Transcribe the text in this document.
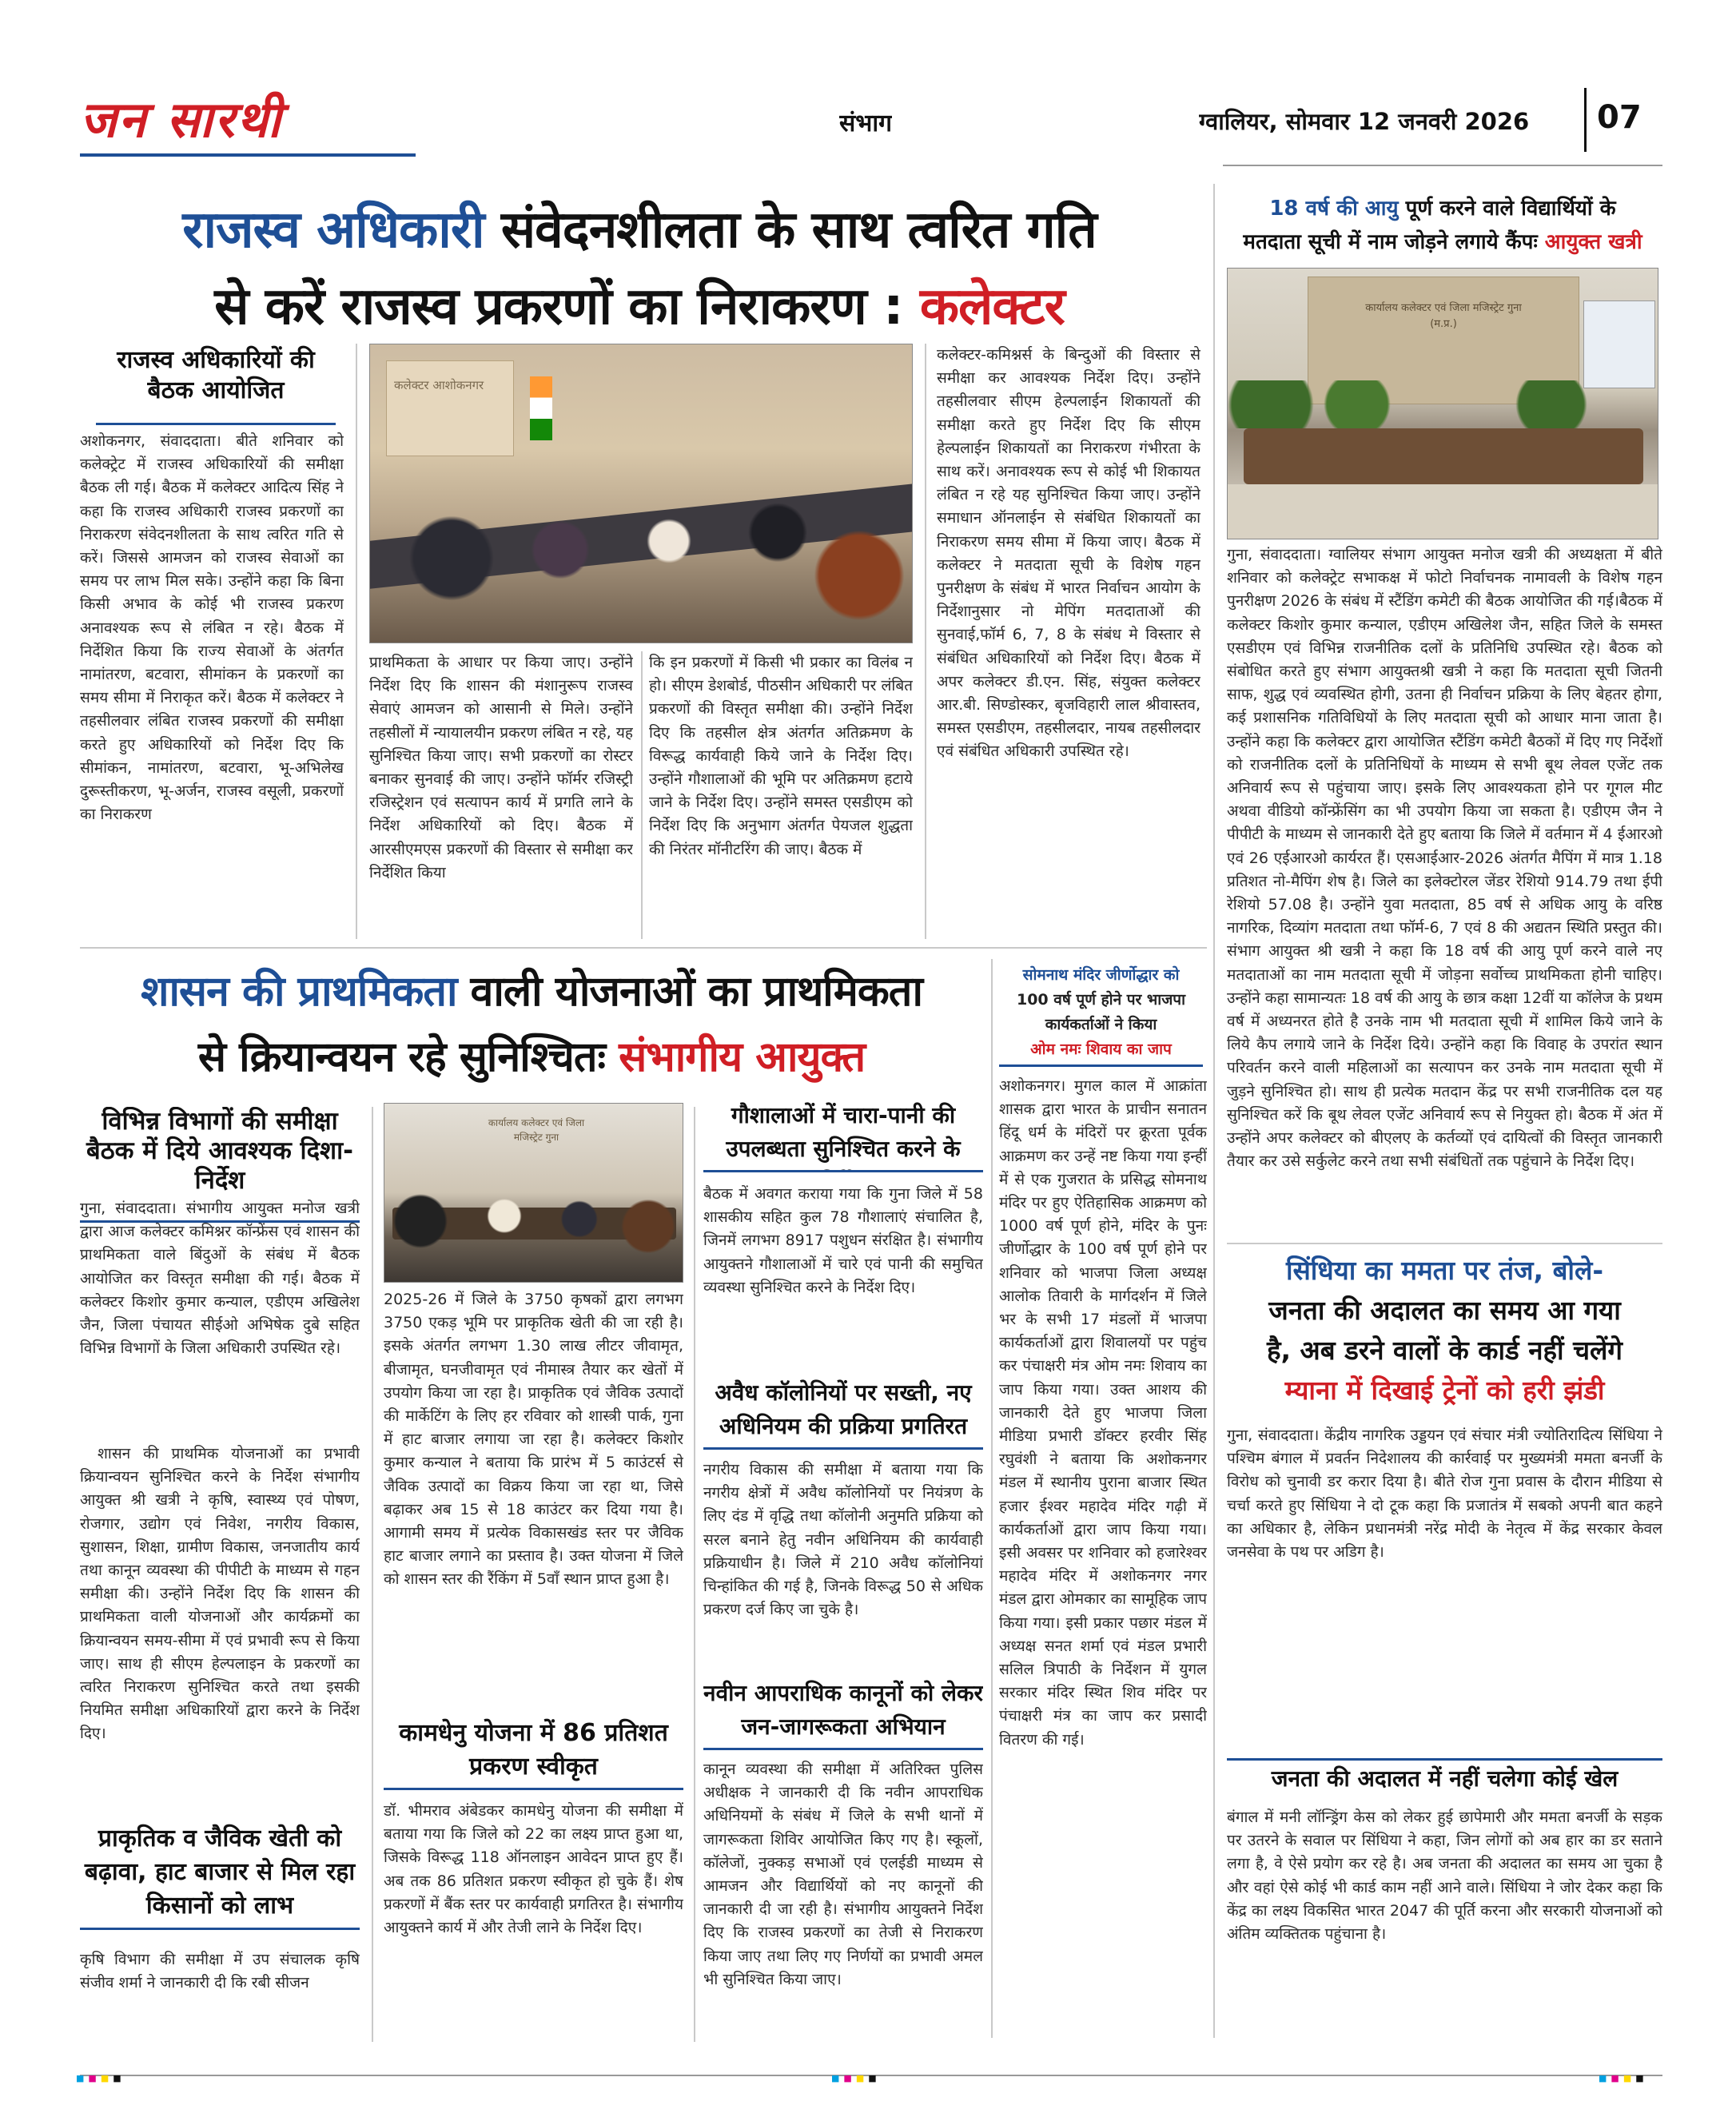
जन सारथी	संभाग	ग्वालियर, सोमवार 12 जनवरी 2026 07
राजस्व अधिकारी संवेदनशीलता के साथ त्वरित गति
से करें राजस्व प्रकरणों का निराकरण : कलेक्टर
राजस्व अधिकारियों की बैठक आयोजित
अशोकनगर, संवाददाता। बीते शनिवार को कलेक्ट्रेट में राजस्व अधिकारियों की समीक्षा बैठक ली गई। बैठक में कलेक्टर आदित्य सिंह ने कहा कि राजस्व अधिकारी राजस्व प्रकरणों का निराकरण संवेदनशीलता के साथ त्वरित गति से करें। जिससे आमजन को राजस्व सेवाओं का समय पर लाभ मिल सके। उन्होंने कहा कि बिना किसी अभाव के कोई भी राजस्व प्रकरण अनावश्यक रूप से लंबित न रहे। बैठक में निर्देशित किया कि राज्य सेवाओं के अंतर्गत नामांतरण, बटवारा, सीमांकन के प्रकरणों का समय सीमा में निराकृत करें। बैठक में कलेक्टर ने तहसीलवार लंबित राजस्व प्रकरणों की समीक्षा करते हुए अधिकारियों को निर्देश दिए कि सीमांकन, नामांतरण, बटवारा, भू-अभिलेख दुरूस्तीकरण, भू-अर्जन, राजस्व वसूली, प्रकरणों का निराकरण
कलेक्टर आशोकनगर
प्राथमिकता के आधार पर किया जाए। उन्होंने निर्देश दिए कि शासन की मंशानुरूप राजस्व सेवाएं आमजन को आसानी से मिले। उन्होंने तहसीलों में न्यायालयीन प्रकरण लंबित न रहे, यह सुनिश्चित किया जाए। सभी प्रकरणों का रोस्टर बनाकर सुनवाई की जाए। उन्होंने फॉर्मर रजिस्ट्री रजिस्ट्रेशन एवं सत्यापन कार्य में प्रगति लाने के निर्देश अधिकारियों को दिए। बैठक में आरसीएमएस प्रकरणों की विस्तार से समीक्षा कर निर्देशित किया
कि इन प्रकरणों में किसी भी प्रकार का विलंब न हो। सीएम डेशबोर्ड, पीठसीन अधिकारी पर लंबित प्रकरणों की विस्तृत समीक्षा की। उन्होंने निर्देश दिए कि तहसील क्षेत्र अंतर्गत अतिक्रमण के विरूद्ध कार्यवाही किये जाने के निर्देश दिए। उन्होंने गौशालाओं की भूमि पर अतिक्रमण हटाये जाने के निर्देश दिए। उन्होंने समस्त एसडीएम को निर्देश दिए कि अनुभाग अंतर्गत पेयजल शुद्धता की निरंतर मॉनीटरिंग की जाए। बैठक में
कलेक्टर-कमिश्नर्स के बिन्दुओं की विस्तार से समीक्षा कर आवश्यक निर्देश दिए। उन्होंने तहसीलवार सीएम हेल्पलाईन शिकायतों की समीक्षा करते हुए निर्देश दिए कि सीएम हेल्पलाईन शिकायतों का निराकरण गंभीरता के साथ करें। अनावश्यक रूप से कोई भी शिकायत लंबित न रहे यह सुनिश्चित किया जाए। उन्होंने समाधान ऑनलाईन से संबंधित शिकायतों का निराकरण समय सीमा में किया जाए। बैठक में कलेक्टर ने मतदाता सूची के विशेष गहन पुनरीक्षण के संबंध में भारत निर्वाचन आयोग के निर्देशानुसार नो मेपिंग मतदाताओं की सुनवाई,फॉर्म 6, 7, 8 के संबंध मे विस्तार से संबंधित अधिकारियों को निर्देश दिए। बैठक में अपर कलेक्टर डी.एन. सिंह, संयुक्त कलेक्टर आर.बी. सिण्डोस्कर, बृजविहारी लाल श्रीवास्तव, समस्त एसडीएम, तहसीलदार, नायब तहसीलदार एवं संबंधित अधिकारी उपस्थित रहे।
18 वर्ष की आयु पूर्ण करने वाले विद्यार्थियों के
मतदाता सूची में नाम जोड़ने लगाये कैंपः आयुक्त खत्री
कार्यालय कलेक्टर एवं जिला मजिस्ट्रेट गुना (म.प्र.)
गुना, संवाददाता। ग्वालियर संभाग आयुक्त मनोज खत्री की अध्यक्षता में बीते शनिवार को कलेक्ट्रेट सभाकक्ष में फोटो निर्वाचनक नामावली के विशेष गहन पुनरीक्षण 2026 के संबंध में स्टैंडिंग कमेटी की बैठक आयोजित की गई।बैठक में कलेक्टर किशोर कुमार कन्याल, एडीएम अखिलेश जैन, सहित जिले के समस्त एसडीएम एवं विभिन्न राजनीतिक दलों के प्रतिनिधि उपस्थित रहे। बैठक को संबोधित करते हुए संभाग आयुक्तश्री खत्री ने कहा कि मतदाता सूची जितनी साफ, शुद्ध एवं व्यवस्थित होगी, उतना ही निर्वाचन प्रक्रिया के लिए बेहतर होगा, कई प्रशासनिक गतिविधियों के लिए मतदाता सूची को आधार माना जाता है। उन्होंने कहा कि कलेक्टर द्वारा आयोजित स्टैंडिंग कमेटी बैठकों में दिए गए निर्देशों को राजनीतिक दलों के प्रतिनिधियों के माध्यम से सभी बूथ लेवल एजेंट तक अनिवार्य रूप से पहुंचाया जाए। इसके लिए आवश्यकता होने पर गूगल मीट अथवा वीडियो कॉन्फ्रेंसिंग का भी उपयोग किया जा सकता है। एडीएम जैन ने पीपीटी के माध्यम से जानकारी देते हुए बताया कि जिले में वर्तमान में 4 ईआरओ एवं 26 एईआरओ कार्यरत हैं। एसआईआर-2026 अंतर्गत मैपिंग में मात्र 1.18 प्रतिशत नो-मैपिंग शेष है। जिले का इलेक्टोरल जेंडर रेशियो 914.79 तथा ईपी रेशियो 57.08 है। उन्होंने युवा मतदाता, 85 वर्ष से अधिक आयु के वरिष्ठ नागरिक, दिव्यांग मतदाता तथा फॉर्म-6, 7 एवं 8 की अद्यतन स्थिति प्रस्तुत की। संभाग आयुक्त श्री खत्री ने कहा कि 18 वर्ष की आयु पूर्ण करने वाले नए मतदाताओं का नाम मतदाता सूची में जोड़ना सर्वोच्च प्राथमिकता होनी चाहिए। उन्होंने कहा सामान्यतः 18 वर्ष की आयु के छात्र कक्षा 12वीं या कॉलेज के प्रथम वर्ष में अध्यनरत होते है उनके नाम भी मतदाता सूची में शामिल किये जाने के लिये कैप लगाये जाने के निर्देश दिये। उन्होंने कहा कि विवाह के उपरांत स्थान परिवर्तन करने वाली महिलाओं का सत्यापन कर उनके नाम मतदाता सूची में जुड़ने सुनिश्चित हो। साथ ही प्रत्येक मतदान केंद्र पर सभी राजनीतिक दल यह सुनिश्चित करें कि बूथ लेवल एजेंट अनिवार्य रूप से नियुक्त हो। बैठक में अंत में उन्होंने अपर कलेक्टर को बीएलए के कर्तव्यों एवं दायित्वों की विस्तृत जानकारी तैयार कर उसे सर्कुलेट करने तथा सभी संबंधितों तक पहुंचाने के निर्देश दिए।
सिंधिया का ममता पर तंज, बोले-
जनता की अदालत का समय आ गया
है, अब डरने वालों के कार्ड नहीं चलेंगे
म्याना में दिखाई ट्रेनों को हरी झंडी
गुना, संवाददाता। केंद्रीय नागरिक उड्डयन एवं संचार मंत्री ज्योतिरादित्य सिंधिया ने पश्चिम बंगाल में प्रवर्तन निदेशालय की कार्रवाई पर मुख्यमंत्री ममता बनर्जी के विरोध को चुनावी डर करार दिया है। बीते रोज गुना प्रवास के दौरान मीडिया से चर्चा करते हुए सिंधिया ने दो टूक कहा कि प्रजातंत्र में सबको अपनी बात कहने का अधिकार है, लेकिन प्रधानमंत्री नरेंद्र मोदी के नेतृत्व में केंद्र सरकार केवल जनसेवा के पथ पर अडिग है।
जनता की अदालत में नहीं चलेगा कोई खेल
बंगाल में मनी लॉन्ड्रिंग केस को लेकर हुई छापेमारी और ममता बनर्जी के सड़क पर उतरने के सवाल पर सिंधिया ने कहा, जिन लोगों को अब हार का डर सताने लगा है, वे ऐसे प्रयोग कर रहे है। अब जनता की अदालत का समय आ चुका है और वहां ऐसे कोई भी कार्ड काम नहीं आने वाले। सिंधिया ने जोर देकर कहा कि केंद्र का लक्ष्य विकसित भारत 2047 की पूर्ति करना और सरकारी योजनाओं को अंतिम व्यक्तितक पहुंचाना है।
शासन की प्राथमिकता वाली योजनाओं का प्राथमिकता
से क्रियान्वयन रहे सुनिश्चितः संभागीय आयुक्त
विभिन्न विभागों की समीक्षा बैठक में दिये आवश्यक दिशा-निर्देश
गुना, संवाददाता। संभागीय आयुक्त मनोज खत्री द्वारा आज कलेक्टर कमिश्नर कॉन्फ्रेंस एवं शासन की प्राथमिकता वाले बिंदुओं के संबंध में बैठक आयोजित कर विस्तृत समीक्षा की गई। बैठक में कलेक्टर किशोर कुमार कन्याल, एडीएम अखिलेश जैन, जिला पंचायत सीईओ अभिषेक दुबे सहित विभिन्न विभागों के जिला अधिकारी उपस्थित रहे।
शासन की प्राथमिक योजनाओं का प्रभावी क्रियान्वयन सुनिश्चित करने के निर्देश संभागीय आयुक्त श्री खत्री ने कृषि, स्वास्थ्य एवं पोषण, रोजगार, उद्योग एवं निवेश, नगरीय विकास, सुशासन, शिक्षा, ग्रामीण विकास, जनजातीय कार्य तथा कानून व्यवस्था की पीपीटी के माध्यम से गहन समीक्षा की। उन्होंने निर्देश दिए कि शासन की प्राथमिकता वाली योजनाओं और कार्यक्रमों का क्रियान्वयन समय-सीमा में एवं प्रभावी रूप से किया जाए। साथ ही सीएम हेल्पलाइन के प्रकरणों का त्वरित निराकरण सुनिश्चित करते तथा इसकी नियमित समीक्षा अधिकारियों द्वारा करने के निर्देश दिए।
प्राकृतिक व जैविक खेती को बढ़ावा, हाट बाजार से मिल रहा किसानों को लाभ
कृषि विभाग की समीक्षा में उप संचालक कृषि संजीव शर्मा ने जानकारी दी कि रबी सीजन
कार्यालय कलेक्टर एवं जिला मजिस्ट्रेट गुना
2025-26 में जिले के 3750 कृषकों द्वारा लगभग 3750 एकड़ भूमि पर प्राकृतिक खेती की जा रही है। इसके अंतर्गत लगभग 1.30 लाख लीटर जीवामृत, बीजामृत, घनजीवामृत एवं नीमास्त्र तैयार कर खेतों में उपयोग किया जा रहा है। प्राकृतिक एवं जैविक उत्पादों की मार्केटिंग के लिए हर रविवार को शास्त्री पार्क, गुना में हाट बाजार लगाया जा रहा है। कलेक्टर किशोर कुमार कन्याल ने बताया कि प्रारंभ में 5 काउंटर्स से जैविक उत्पादों का विक्रय किया जा रहा था, जिसे बढ़ाकर अब 15 से 18 काउंटर कर दिया गया है। आगामी समय में प्रत्येक विकासखंड स्तर पर जैविक हाट बाजार लगाने का प्रस्ताव है। उक्त योजना में जिले को शासन स्तर की रैंकिंग में 5वाँ स्थान प्राप्त हुआ है।
कामधेनु योजना में 86 प्रतिशत प्रकरण स्वीकृत
डॉ. भीमराव अंबेडकर कामधेनु योजना की समीक्षा में बताया गया कि जिले को 22 का लक्ष्य प्राप्त हुआ था, जिसके विरूद्ध 118 ऑनलाइन आवेदन प्राप्त हुए हैं। अब तक 86 प्रतिशत प्रकरण स्वीकृत हो चुके हैं। शेष प्रकरणों में बैंक स्तर पर कार्यवाही प्रगतिरत है। संभागीय आयुक्तने कार्य में और तेजी लाने के निर्देश दिए।
गौशालाओं में चारा-पानी की उपलब्धता सुनिश्चित करने के
बैठक में अवगत कराया गया कि गुना जिले में 58 शासकीय सहित कुल 78 गौशालाएं संचालित है, जिनमें लगभग 8917 पशुधन संरक्षित है। संभागीय आयुक्तने गौशालाओं में चारे एवं पानी की समुचित व्यवस्था सुनिश्चित करने के निर्देश दिए।
अवैध कॉलोनियों पर सख्ती, नए अधिनियम की प्रक्रिया प्रगतिरत
नगरीय विकास की समीक्षा में बताया गया कि नगरीय क्षेत्रों में अवैध कॉलोनियों पर नियंत्रण के लिए दंड में वृद्धि तथा कॉलोनी अनुमति प्रक्रिया को सरल बनाने हेतु नवीन अधिनियम की कार्यवाही प्रक्रियाधीन है। जिले में 210 अवैध कॉलोनियां चिन्हांकित की गई है, जिनके विरूद्ध 50 से अधिक प्रकरण दर्ज किए जा चुके है।
नवीन आपराधिक कानूनों को लेकर जन-जागरूकता अभियान
कानून व्यवस्था की समीक्षा में अतिरिक्त पुलिस अधीक्षक ने जानकारी दी कि नवीन आपराधिक अधिनियमों के संबंध में जिले के सभी थानों में जागरूकता शिविर आयोजित किए गए है। स्कूलों, कॉलेजों, नुक्कड़ सभाओं एवं एलईडी माध्यम से आमजन और विद्यार्थियों को नए कानूनों की जानकारी दी जा रही है। संभागीय आयुक्तने निर्देश दिए कि राजस्व प्रकरणों का तेजी से निराकरण किया जाए तथा लिए गए निर्णयों का प्रभावी अमल भी सुनिश्चित किया जाए।
सोमनाथ मंदिर जीर्णोद्धार को
100 वर्ष पूर्ण होने पर भाजपा कार्यकर्ताओं ने किया
ओम नमः शिवाय का जाप
अशोकनगर। मुगल काल में आक्रांता शासक द्वारा भारत के प्राचीन सनातन हिंदू धर्म के मंदिरों पर क्रूरता पूर्वक आक्रमण कर उन्हें नष्ट किया गया इन्हीं में से एक गुजरात के प्रसिद्ध सोमनाथ मंदिर पर हुए ऐतिहासिक आक्रमण को 1000 वर्ष पूर्ण होने, मंदिर के पुनः जीर्णोद्धार के 100 वर्ष पूर्ण होने पर शनिवार को भाजपा जिला अध्यक्ष आलोक तिवारी के मार्गदर्शन में जिले भर के सभी 17 मंडलों में भाजपा कार्यकर्ताओं द्वारा शिवालयों पर पहुंच कर पंचाक्षरी मंत्र ओम नमः शिवाय का जाप किया गया। उक्त आशय की जानकारी देते हुए भाजपा जिला मीडिया प्रभारी डॉक्टर हरवीर सिंह रघुवंशी ने बताया कि अशोकनगर मंडल में स्थानीय पुराना बाजार स्थित हजार ईश्वर महादेव मंदिर गढ़ी में कार्यकर्ताओं द्वारा जाप किया गया। इसी अवसर पर शनिवार को हजारेश्वर महादेव मंदिर में अशोकनगर नगर मंडल द्वारा ओमकार का सामूहिक जाप किया गया। इसी प्रकार पछार मंडल में अध्यक्ष सनत शर्मा एवं मंडल प्रभारी सलिल त्रिपाठी के निर्देशन में युगल सरकार मंदिर स्थित शिव मंदिर पर पंचाक्षरी मंत्र का जाप कर प्रसादी वितरण की गई।
■■■■	■■■■	■■■■
